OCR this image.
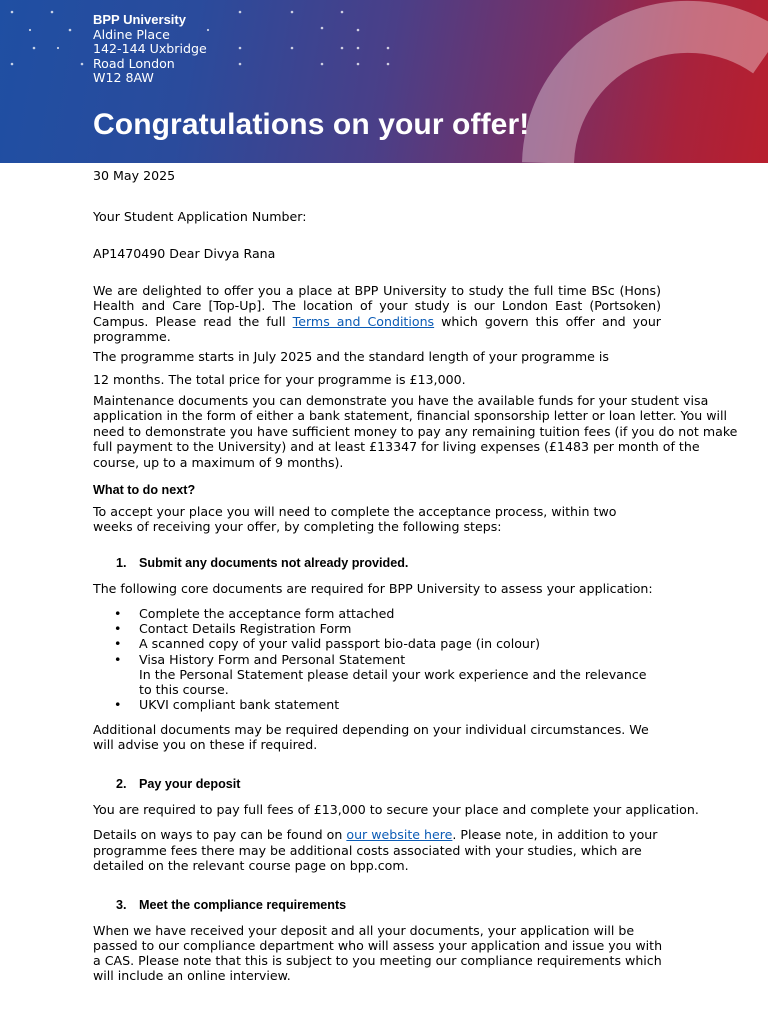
BPP University
Aldine Place
142-144 Uxbridge
Road London
W12 8AW
Congratulations on your offer!
30 May 2025
Your Student Application Number:
AP1470490 Dear Divya Rana
We are delighted to offer you a place at BPP University to study the full time BSc (Hons) Health and Care [Top-Up]. The location of your study is our London East (Portsoken) Campus. Please read the full Terms and Conditions which govern this offer and your programme.
The programme starts in July 2025 and the standard length of your programme is
12 months. The total price for your programme is £13,000.
Maintenance documents you can demonstrate you have the available funds for your student visa application in the form of either a bank statement, financial sponsorship letter or loan letter. You will need to demonstrate you have sufficient money to pay any remaining tuition fees (if you do not make full payment to the University) and at least £13347 for living expenses (£1483 per month of the course, up to a maximum of 9 months).
What to do next?
To accept your place you will need to complete the acceptance process, within two
weeks of receiving your offer, by completing the following steps:
1. Submit any documents not already provided.
The following core documents are required for BPP University to assess your application:
• Complete the acceptance form attached
• Contact Details Registration Form
• A scanned copy of your valid passport bio-data page (in colour)
• Visa History Form and Personal Statement
In the Personal Statement please detail your work experience and the relevance
to this course.
• UKVI compliant bank statement
Additional documents may be required depending on your individual circumstances. We
will advise you on these if required.
2. Pay your deposit
You are required to pay full fees of £13,000 to secure your place and complete your application.
Details on ways to pay can be found on our website here. Please note, in addition to your
programme fees there may be additional costs associated with your studies, which are
detailed on the relevant course page on bpp.com.
3. Meet the compliance requirements
When we have received your deposit and all your documents, your application will be
passed to our compliance department who will assess your application and issue you with
a CAS. Please note that this is subject to you meeting our compliance requirements which
will include an online interview.
